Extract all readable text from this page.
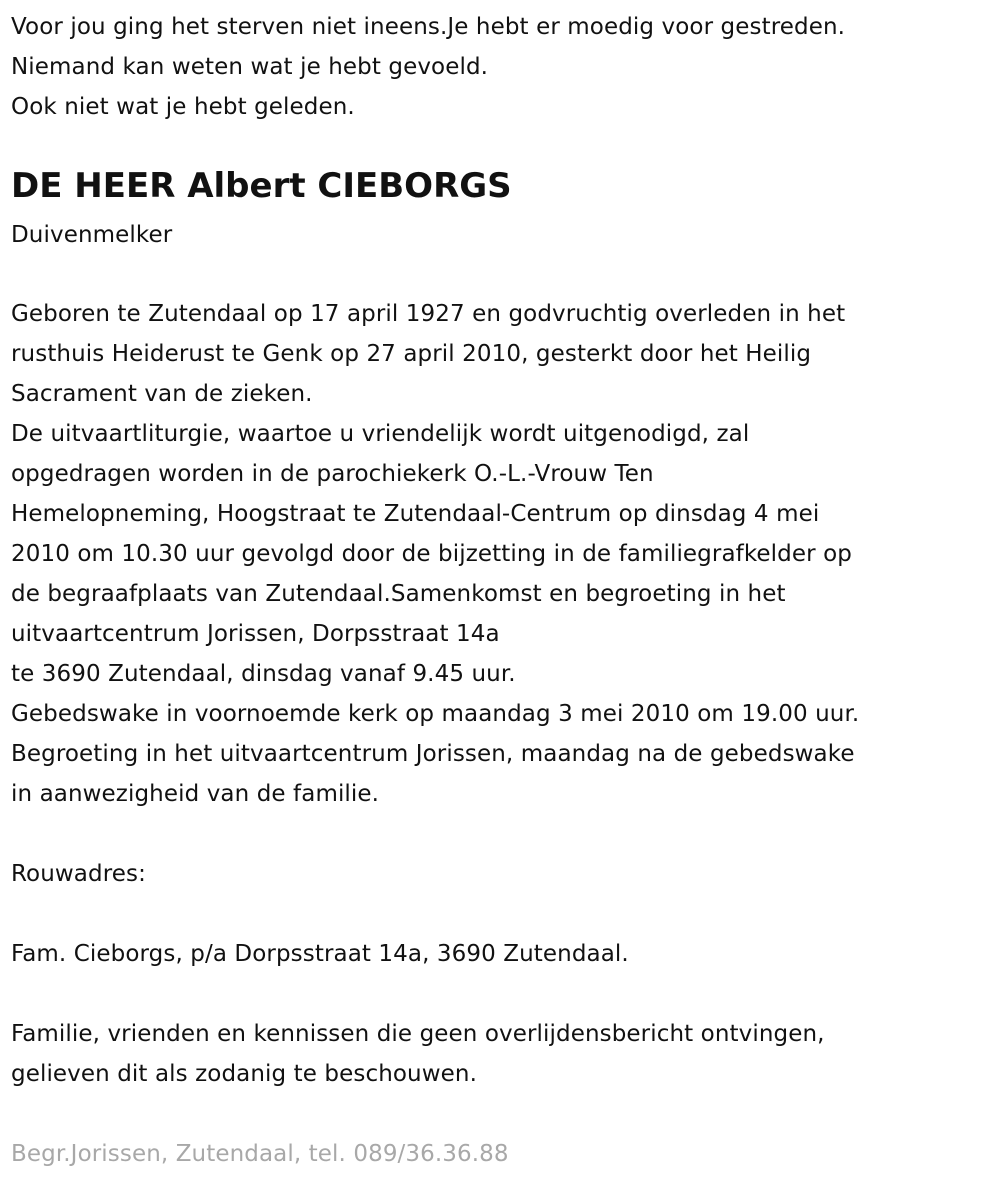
Voor jou ging het sterven niet ineens.Je hebt er moedig voor gestreden.
Niemand kan weten wat je hebt gevoeld.
Ook niet wat je hebt geleden.
DE HEER Albert CIEBORGS
Duivenmelker
Geboren te Zutendaal op 17 april 1927 en godvruchtig overleden in het
rusthuis Heiderust te Genk op 27 april 2010, gesterkt door het Heilig
Sacrament van de zieken.
De uitvaartliturgie, waartoe u vriendelijk wordt uitgenodigd, zal
opgedragen worden in de parochiekerk O.-L.-Vrouw Ten
Hemelopneming, Hoogstraat te Zutendaal-Centrum op dinsdag 4 mei
2010 om 10.30 uur gevolgd door de bijzetting in de familiegrafkelder op
de begraafplaats van Zutendaal.Samenkomst en begroeting in het
uitvaartcentrum Jorissen, Dorpsstraat 14a
te 3690 Zutendaal, dinsdag vanaf 9.45 uur.
Gebedswake in voornoemde kerk op maandag 3 mei 2010 om 19.00 uur.
Begroeting in het uitvaartcentrum Jorissen, maandag na de gebedswake
in aanwezigheid van de familie.
Rouwadres:
Fam. Cieborgs, p/a Dorpsstraat 14a, 3690 Zutendaal.
Familie, vrienden en kennissen die geen overlijdensbericht ontvingen,
gelieven dit als zodanig te beschouwen.
Begr.Jorissen, Zutendaal, tel. 089/36.36.88
